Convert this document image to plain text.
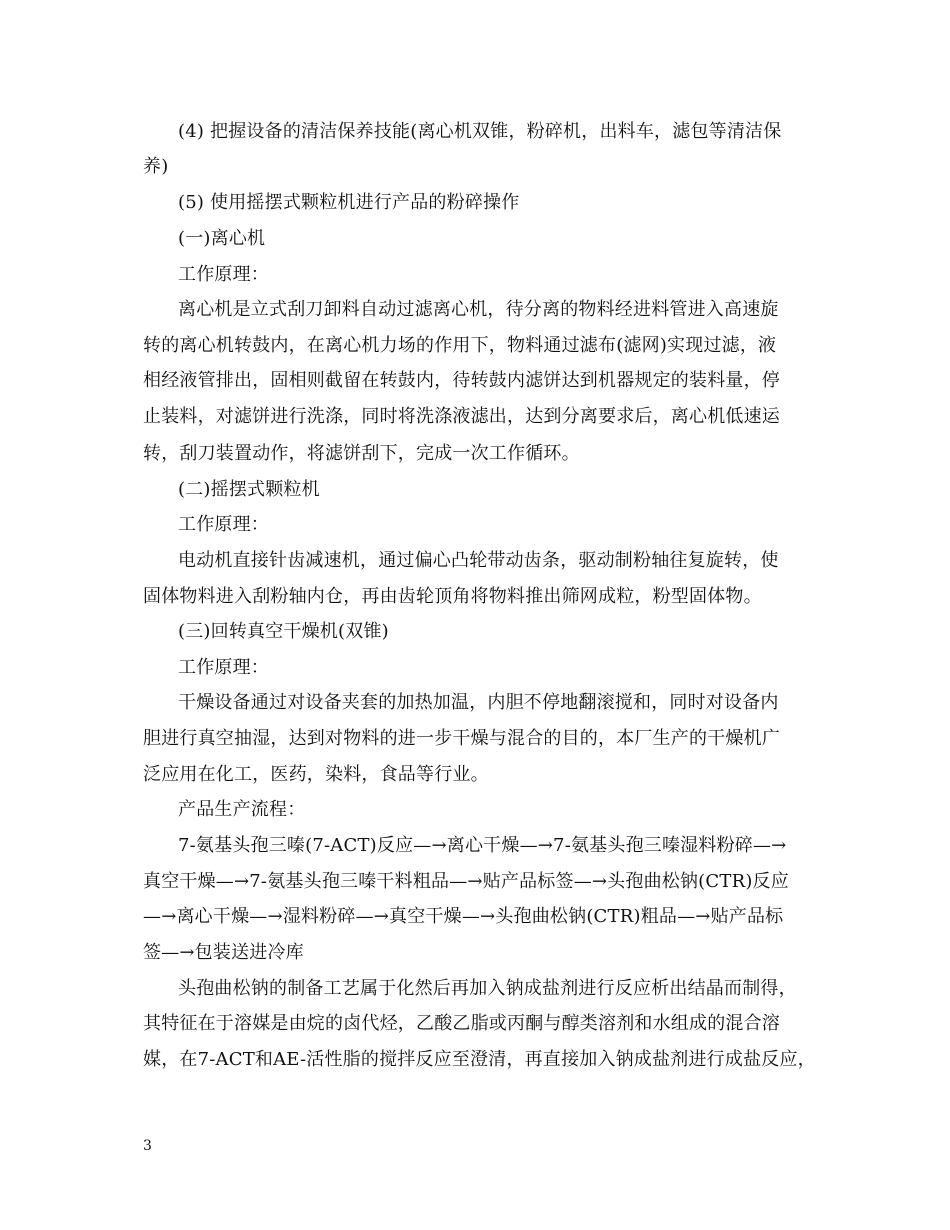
(4) 把握设备的清洁保养技能(离心机双锥，粉碎机，出料车，滤包等清洁保
养)
(5) 使用摇摆式颗粒机进行产品的粉碎操作
(一)离心机
工作原理：
离心机是立式刮刀卸料自动过滤离心机，待分离的物料经进料管进入高速旋
转的离心机转鼓内，在离心机力场的作用下，物料通过滤布(滤网)实现过滤，液
相经液管排出，固相则截留在转鼓内，待转鼓内滤饼达到机器规定的装料量，停
止装料，对滤饼进行洗涤，同时将洗涤液滤出，达到分离要求后，离心机低速运
转，刮刀装置动作，将滤饼刮下，完成一次工作循环。
(二)摇摆式颗粒机
工作原理：
电动机直接针齿减速机，通过偏心凸轮带动齿条，驱动制粉轴往复旋转，使
固体物料进入刮粉轴内仓，再由齿轮顶角将物料推出筛网成粒，粉型固体物。
(三)回转真空干燥机(双锥)
工作原理：
干燥设备通过对设备夹套的加热加温，内胆不停地翻滚搅和，同时对设备内
胆进行真空抽湿，达到对物料的进一步干燥与混合的目的，本厂生产的干燥机广
泛应用在化工，医药，染料，食品等行业。
产品生产流程：
7-氨基头孢三嗪(7-ACT)反应—→离心干燥—→7-氨基头孢三嗪湿料粉碎—→
真空干燥—→7-氨基头孢三嗪干料粗品—→贴产品标签—→头孢曲松钠(CTR)反应
—→离心干燥—→湿料粉碎—→真空干燥—→头孢曲松钠(CTR)粗品—→贴产品标
签—→包装送进冷库
头孢曲松钠的制备工艺属于化然后再加入钠成盐剂进行反应析出结晶而制得，
其特征在于溶媒是由烷的卤代烃，乙酸乙脂或丙酮与醇类溶剂和水组成的混合溶
媒，在7-ACT和AE-活性脂的搅拌反应至澄清，再直接加入钠成盐剂进行成盐反应，
3
